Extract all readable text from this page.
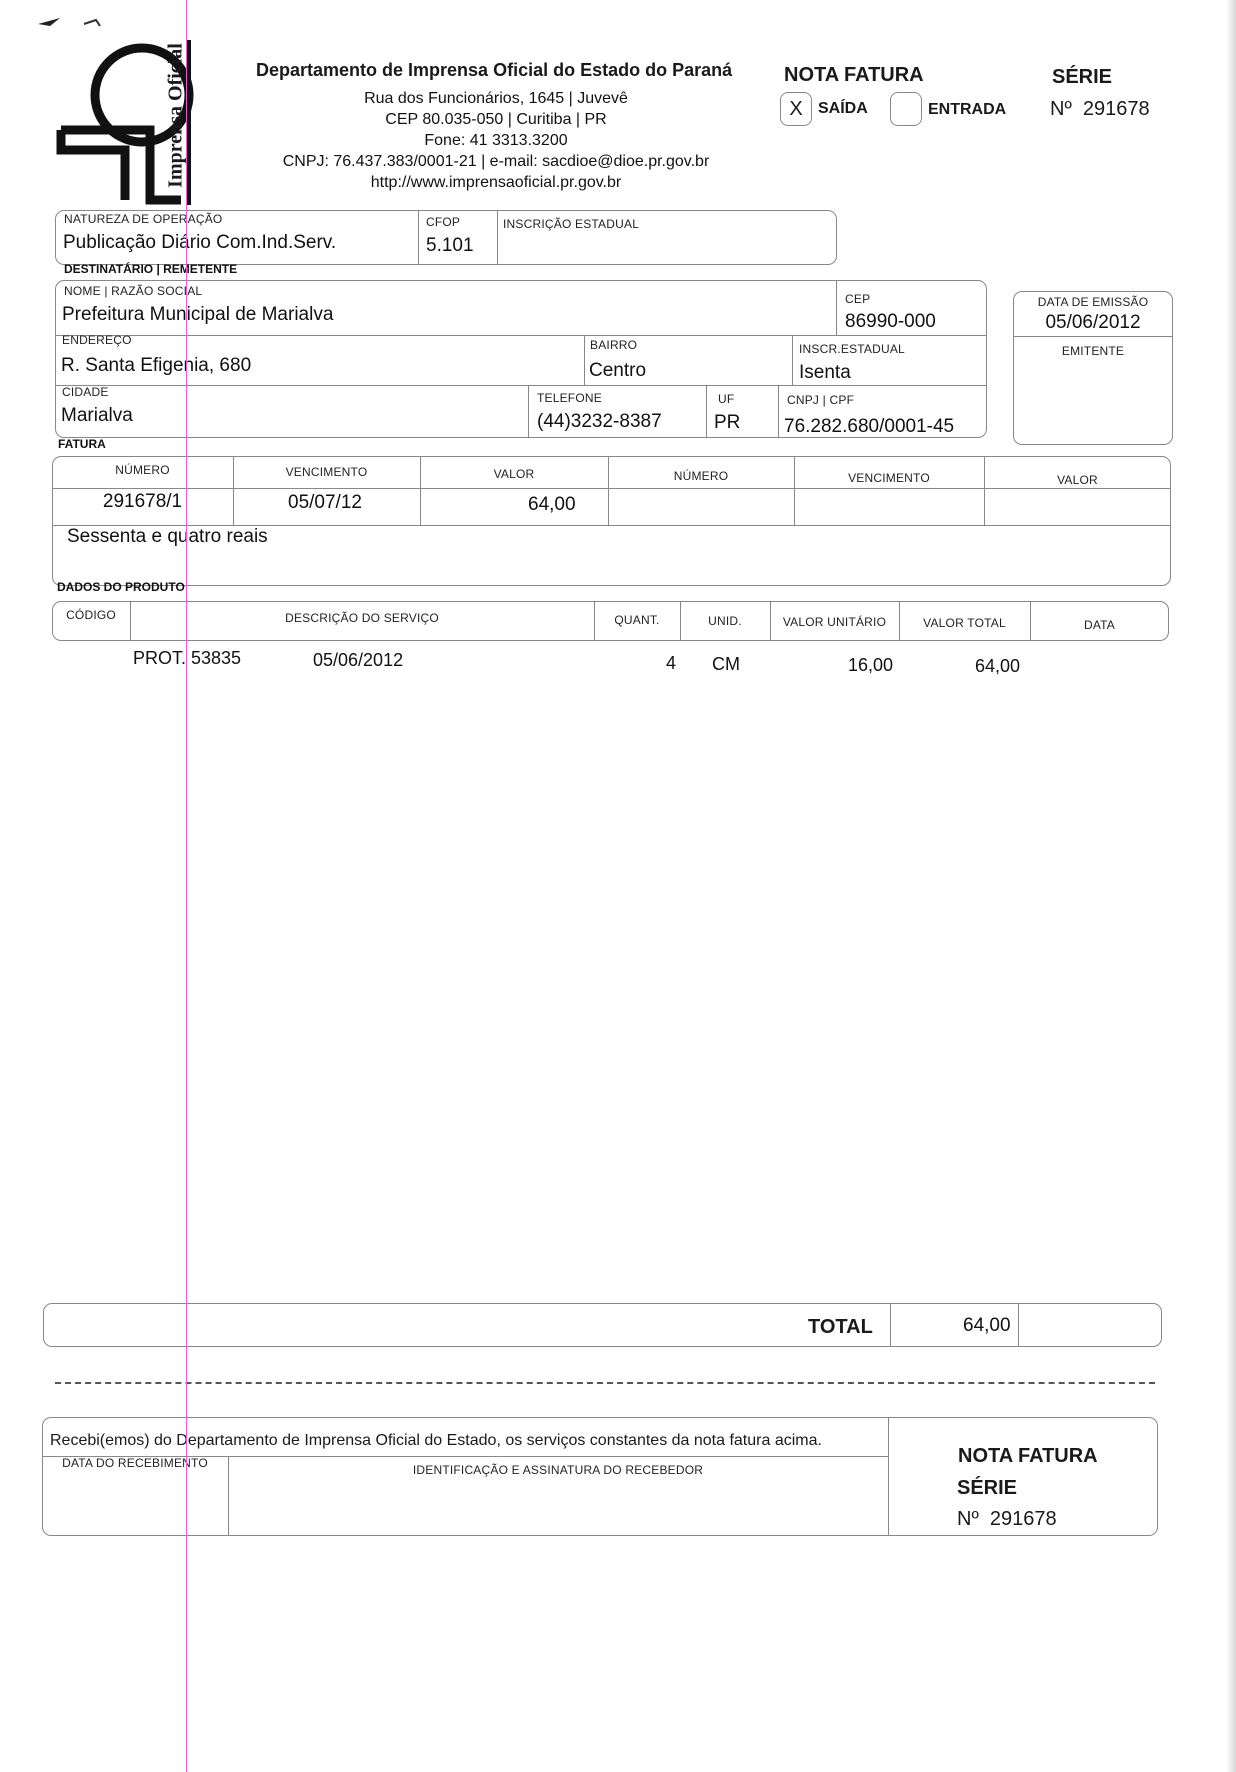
Imprensa Oficial	Departamento de Imprensa Oficial do Estado do Paraná
Rua dos Funcionários, 1645 | Juvevê
CEP 80.035-050 | Curitiba | PR
Fone: 41 3313.3200
CNPJ: 76.437.383/0001-21 | e-mail: sacdioe@dioe.pr.gov.br
http://www.imprensaoficial.pr.gov.br
NOTA FATURA
X SAÍDA	ENTRADA
SÉRIE
Nº  291678
NATUREZA DE OPERAÇÃO
Publicação Diário Com.Ind.Serv.
CFOP
5.101
INSCRIÇÃO ESTADUAL
DESTINATÁRIO | REMETENTE
NOME | RAZÃO SOCIAL
Prefeitura Municipal de Marialva
CEP
86990-000
ENDEREÇO
R. Santa Efigenia, 680
BAIRRO
Centro
INSCR.ESTADUAL
Isenta
CIDADE
Marialva
TELEFONE
(44)3232-8387
UF
PR
CNPJ | CPF
76.282.680/0001-45
DATA DE EMISSÃO
05/06/2012
EMITENTE
FATURA
NÚMERO	VENCIMENTO	VALOR	NÚMERO	VENCIMENTO	VALOR
291678/1	05/07/12	64,00
Sessenta e quatro reais
DADOS DO PRODUTO
CÓDIGO	DESCRIÇÃO DO SERVIÇO	QUANT.	UNID.	VALOR UNITÁRIO	VALOR TOTAL	DATA
PROT. 53835	05/06/2012	4 CM	16,00	64,00
TOTAL	64,00
Recebi(emos) do Departamento de Imprensa Oficial do Estado, os serviços constantes da nota fatura acima.
DATA DO RECEBIMENTO	IDENTIFICAÇÃO E ASSINATURA DO RECEBEDOR
NOTA FATURA
SÉRIE
Nº  291678
